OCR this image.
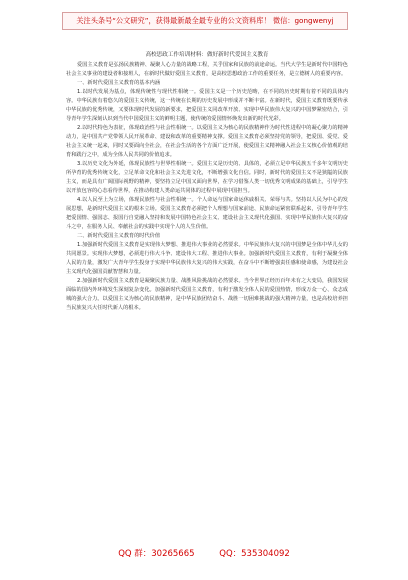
关注头条号“公文研究”，获得最新最全最专业的公文资料库！ 微信：gongwenyj
高校思政工作培训材料：做好新时代爱国主义教育

爱国主义教育是弘扬民族精神、凝聚人心力量的战略工程，关乎国家和民族的前途命运。当代大学生是新时代中国特色社会主义事业的建设者和接班人，在新时代做好爱国主义教育，是高校思想政治工作的重要任务，是立德树人的重要内容。

一、新时代爱国主义教育的基本内涵

1.以时代发展为基点，体现传统性与现代性相统一。爱国主义是一个历史范畴，在不同的历史时期有着不同的具体内容。中华民族有着悠久的爱国主义传统，这一传统在长期的历史发展中形成并不断丰富。在新时代，爱国主义教育既要传承中华民族的优秀传统，又要体现时代发展的新要求，把爱国主义同改革开放、实现中华民族伟大复兴的中国梦紧密结合，引导青年学生深刻认识到当代中国爱国主义的鲜明主题，使传统的爱国情怀焕发出新的时代光彩。

2.以时代特色为表征，体现政治性与社会性相统一。以爱国主义为核心的民族精神作为时代性进程中的凝心聚力的精神动力，是中国共产党带领人民开展革命、建设和改革的重要精神支撑。爱国主义教育必须坚持党的领导，把爱国、爱党、爱社会主义统一起来，同时又要面向全社会，在社会生活的各个方面广泛开展，使爱国主义精神融入社会主义核心价值观的培育和践行之中，成为全体人民共同的价值追求。

3.以历史文化为外延，体现民族性与世界性相统一。爱国主义是历史的、具体的，必须立足中华民族五千多年文明历史所孕育的优秀传统文化，立足革命文化和社会主义先进文化，不断增强文化自信。同时，新时代的爱国主义不是狭隘的民族主义，而是具有广阔国际视野的精神，要坚持立足中国又面向世界，在学习借鉴人类一切优秀文明成果的基础上，引导学生以开放包容的心态看待世界，在推动构建人类命运共同体的过程中展现中国担当。

4.以人民至上为立场，体现民族性与社会性相统一。个人命运与国家命运休戚相关、荣辱与共。坚持以人民为中心的发展思想，是新时代爱国主义的根本立场。爱国主义教育必须把个人理想与国家前途、民族命运紧密联系起来，引导青年学生把爱国情、强国志、报国行自觉融入坚持和发展中国特色社会主义、建设社会主义现代化强国、实现中华民族伟大复兴的奋斗之中，在服务人民、奉献社会的实践中实现个人的人生价值。

二、新时代爱国主义教育的时代价值

1.加强新时代爱国主义教育是实现伟大梦想、推进伟大事业的必然要求。中华民族伟大复兴的中国梦是全体中华儿女的共同愿景。实现伟大梦想，必须进行伟大斗争、建设伟大工程、推进伟大事业。加强新时代爱国主义教育，有利于凝聚全体人民的力量，激发广大青年学生投身于实现中华民族伟大复兴的伟大实践，在奋斗中不断增强责任感和使命感，为建设社会主义现代化强国贡献智慧和力量。

2.加强新时代爱国主义教育是凝聚民族力量、战胜风险挑战的必然要求。当今世界正经历百年未有之大变局，我国发展面临的国内外环境发生深刻复杂变化。加强新时代爱国主义教育，有利于激发全体人民的爱国热情，形成万众一心、众志成城的强大合力。以爱国主义为核心的民族精神，是中华民族团结奋斗、战胜一切困难挑战的强大精神力量，也是高校培养担当民族复兴大任时代新人的根本。

QQ 群：30265665	QQ：535304092
